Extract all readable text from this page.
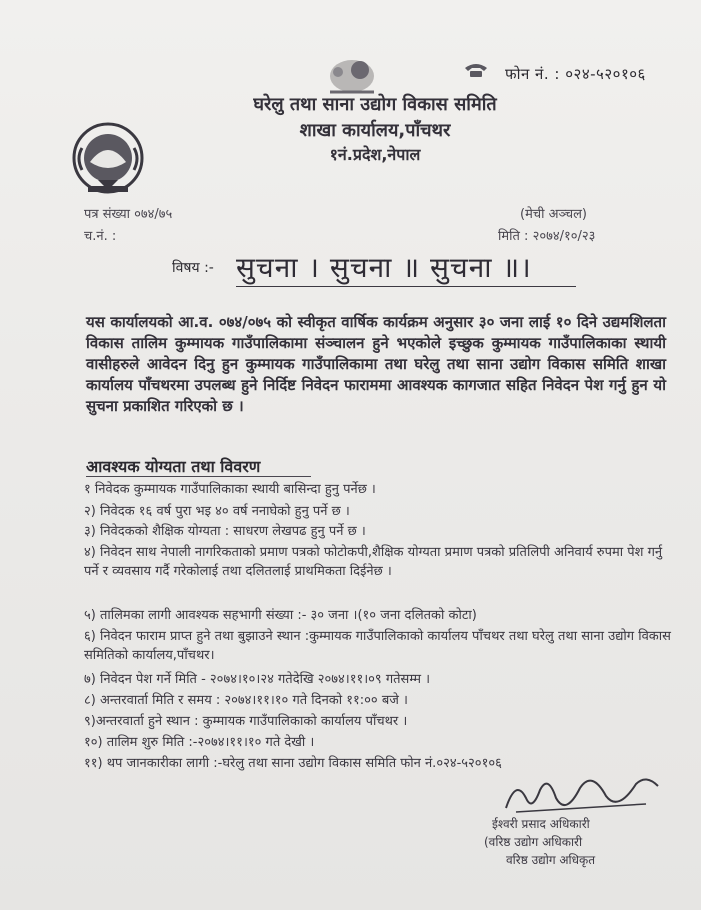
फोन नं. : ०२४-५२०१०६
घरेलु तथा साना उद्योग विकास समिति
शाखा कार्यालय,पाँचथर
१नं.प्रदेश,नेपाल
पत्र संख्या ०७४/७५
च.नं. :
(मेची अञ्चल)
मिति : २०७४/१०/२३
विषय :- सुचना । सुचना ॥ सुचना ॥।
यस कार्यालयको आ.व. ०७४/०७५ को स्वीकृत वार्षिक कार्यक्रम अनुसार ३० जना लाई १० दिने उद्यमशिलता विकास तालिम कुम्मायक गाउँपालिकामा संञ्चालन हुने भएकोले इच्छुक कुम्मायक गाउँपालिकाका स्थायी वासीहरुले आवेदन दिनु हुन कुम्मायक गाउँपालिकामा तथा घरेलु तथा साना उद्योग विकास समिति शाखा कार्यालय पाँचथरमा उपलब्ध हुने निर्दिष्ट निवेदन फाराममा आवश्यक कागजात सहित निवेदन पेश गर्नु हुन यो सुचना प्रकाशित गरिएको छ ।
आवश्यक योग्यता तथा विवरण
१ निवेदक कुम्मायक गाउँपालिकाका स्थायी बासिन्दा हुनु पर्नेछ ।
२) निवेदक १६ वर्ष पुरा भइ ४० वर्ष ननाघेको हुनु पर्ने छ ।
३) निवेदकको शैक्षिक योग्यता : साधरण लेखपढ हुनु पर्ने छ ।
४) निवेदन साथ नेपाली नागरिकताको प्रमाण पत्रको फोटोकपी,शैक्षिक योग्यता प्रमाण पत्रको प्रतिलिपी अनिवार्य रुपमा पेश गर्नु पर्ने र व्यवसाय गर्दै गरेकोलाई तथा दलितलाई प्राथमिकता दिईनेछ ।
५) तालिमका लागी आवश्यक सहभागी संख्या :- ३० जना ।(१० जना दलितको कोटा)
६) निवेदन फाराम प्राप्त हुने तथा बुझाउने स्थान :कुम्मायक गाउँपालिकाको कार्यालय पाँचथर तथा घरेलु तथा साना उद्योग विकास समितिको कार्यालय,पाँचथर।
७) निवेदन पेश गर्ने मिति - २०७४।१०।२४ गतेदेखि २०७४।११।०९ गतेसम्म ।
८) अन्तरवार्ता मिति र समय : २०७४।११।१० गते दिनको ११:०० बजे ।
९)अन्तरवार्ता हुने स्थान : कुम्मायक गाउँपालिकाको कार्यालय पाँचथर ।
१०) तालिम शुरु मिति :-२०७४।११।१० गते देखी ।
११) थप जानकारीका लागी :-घरेलु तथा साना उद्योग विकास समिति फोन नं.०२४-५२०१०६
ईश्वरी प्रसाद अधिकारी
(वरिष्ठ उद्योग अधिकारी
वरिष्ठ उद्योग अधिकृत
